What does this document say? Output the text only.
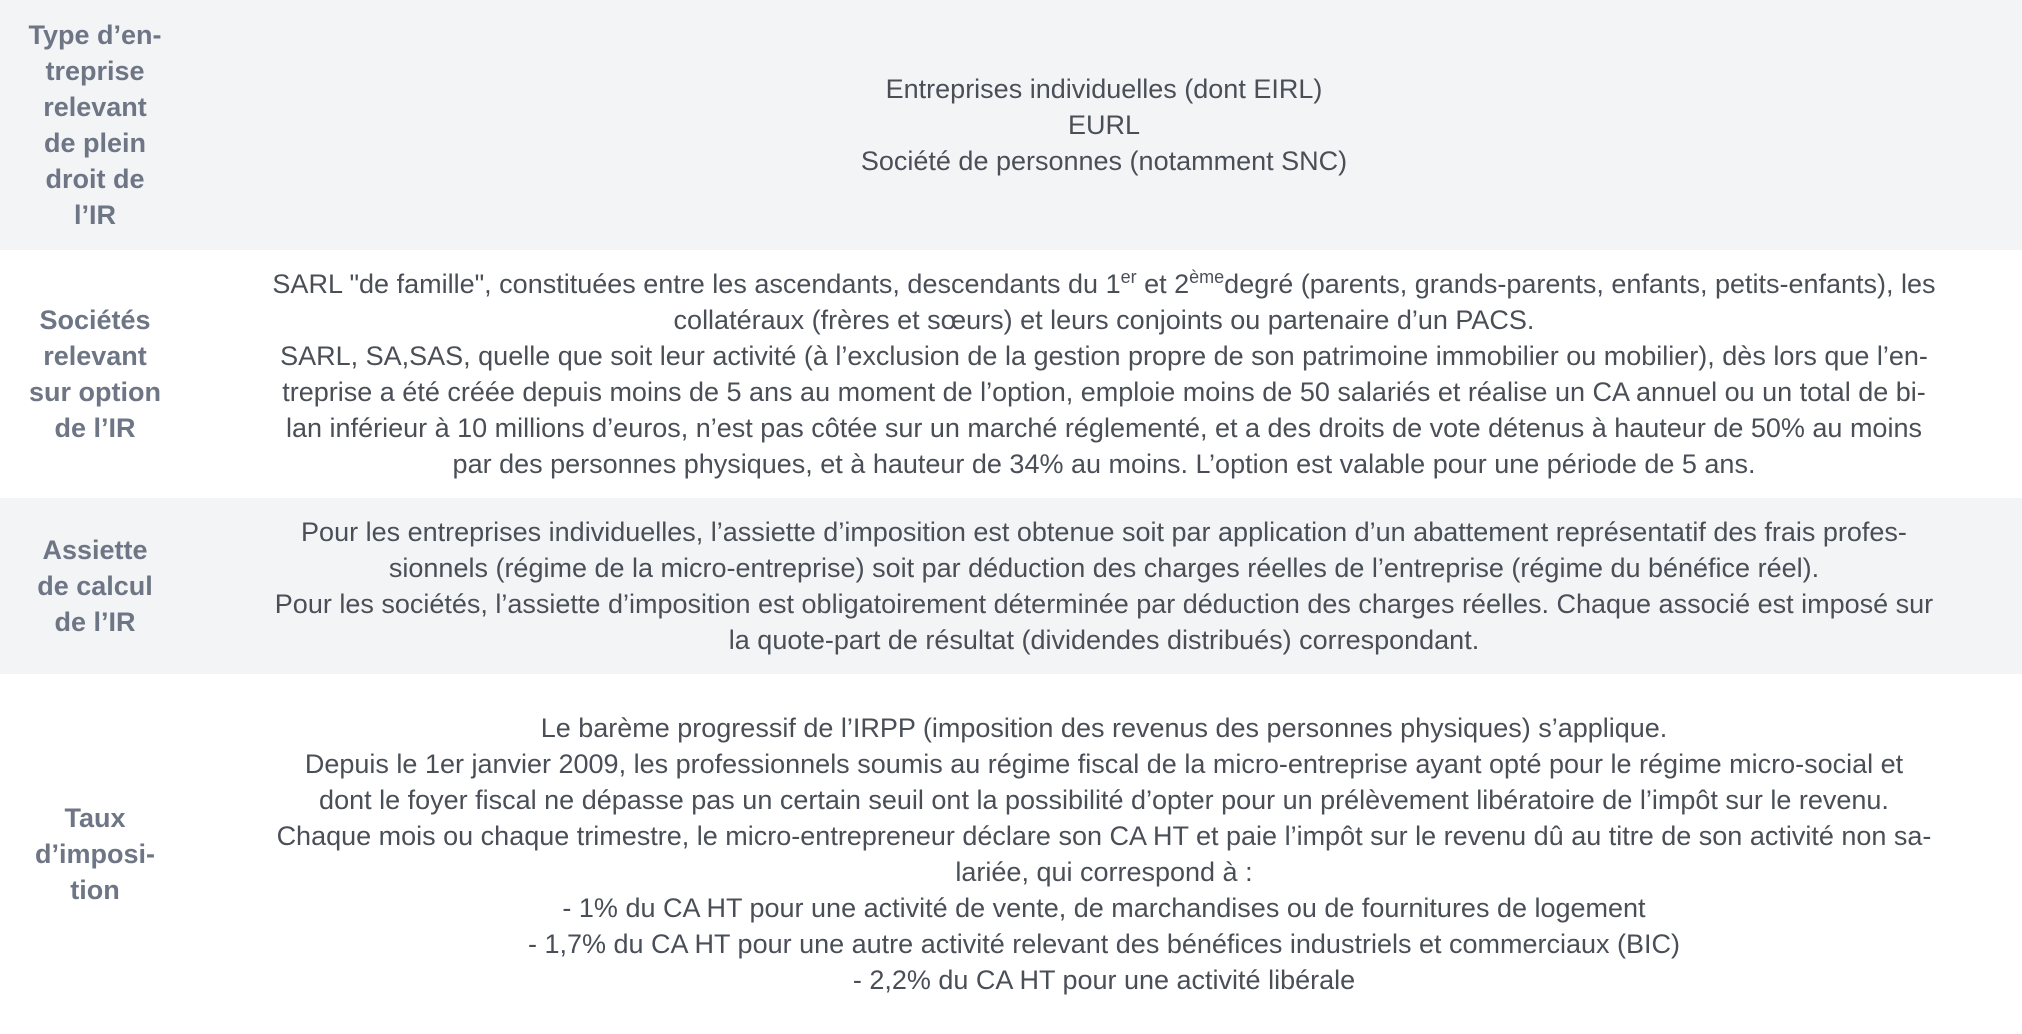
Type d’en-
treprise
relevant
de plein
droit de
l’IR
Entreprises individuelles (dont EIRL)
EURL
Société de personnes (notamment SNC)
Sociétés
relevant
sur option
de l’IR
SARL "de famille", constituées entre les ascendants, descendants du 1er et 2èmedegré (parents, grands-parents, enfants, petits-enfants), les
collatéraux (frères et sœurs) et leurs conjoints ou partenaire d’un PACS.
SARL, SA,SAS, quelle que soit leur activité (à l’exclusion de la gestion propre de son patrimoine immobilier ou mobilier), dès lors que l’en-
treprise a été créée depuis moins de 5 ans au moment de l’option, emploie moins de 50 salariés et réalise un CA annuel ou un total de bi-
lan inférieur à 10 millions d’euros, n’est pas côtée sur un marché réglementé, et a des droits de vote détenus à hauteur de 50% au moins
par des personnes physiques, et à hauteur de 34% au moins. L’option est valable pour une période de 5 ans.
Assiette
de calcul
de l’IR
Pour les entreprises individuelles, l’assiette d’imposition est obtenue soit par application d’un abattement représentatif des frais profes-
sionnels (régime de la micro-entreprise) soit par déduction des charges réelles de l’entreprise (régime du bénéfice réel).
Pour les sociétés, l’assiette d’imposition est obligatoirement déterminée par déduction des charges réelles. Chaque associé est imposé sur
la quote-part de résultat (dividendes distribués) correspondant.
Taux
d’imposi-
tion
Le barème progressif de l’IRPP (imposition des revenus des personnes physiques) s’applique.
Depuis le 1er janvier 2009, les professionnels soumis au régime fiscal de la micro-entreprise ayant opté pour le régime micro-social et
dont le foyer fiscal ne dépasse pas un certain seuil ont la possibilité d’opter pour un prélèvement libératoire de l’impôt sur le revenu.
Chaque mois ou chaque trimestre, le micro-entrepreneur déclare son CA HT et paie l’impôt sur le revenu dû au titre de son activité non sa-
lariée, qui correspond à :
- 1% du CA HT pour une activité de vente, de marchandises ou de fournitures de logement
- 1,7% du CA HT pour une autre activité relevant des bénéfices industriels et commerciaux (BIC)
- 2,2% du CA HT pour une activité libérale
